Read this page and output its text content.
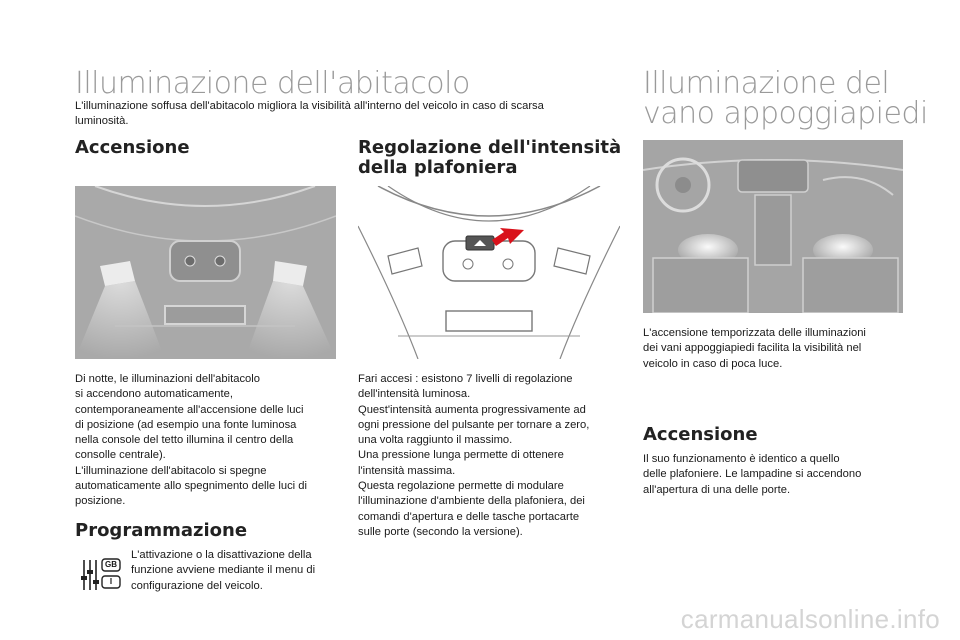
Illuminazione dell'abitacolo

L'illuminazione soffusa dell'abitacolo migliora la visibilità all'interno del veicolo in caso di scarsa
luminosità.

Accensione

Di notte, le illuminazioni dell'abitacolo
si accendono automaticamente,
contemporaneamente all'accensione delle luci
di posizione (ad esempio una fonte luminosa
nella console del tetto illumina il centro della
consolle centrale).
L'illuminazione dell'abitacolo si spegne
automaticamente allo spegnimento delle luci di
posizione.

Programmazione
GB
I

L'attivazione o la disattivazione della
funzione avviene mediante il menu di
configurazione del veicolo.

Regolazione dell'intensità
della plafoniera

Fari accesi : esistono 7 livelli di regolazione
dell'intensità luminosa.
Quest'intensità aumenta progressivamente ad
ogni pressione del pulsante per tornare a zero,
una volta raggiunto il massimo.
Una pressione lunga permette di ottenere
l'intensità massima.
Questa regolazione permette di modulare
l'illuminazione d'ambiente della plafoniera, dei
comandi d'apertura e delle tasche portacarte
sulle porte (secondo la versione).

Illuminazione del
vano appoggiapiedi

L'accensione temporizzata delle illuminazioni
dei vani appoggiapiedi facilita la visibilità nel
veicolo in caso di poca luce.

Accensione

Il suo funzionamento è identico a quello
delle plafoniere. Le lampadine si accendono
all'apertura di una delle porte.

carmanualsonline.info
